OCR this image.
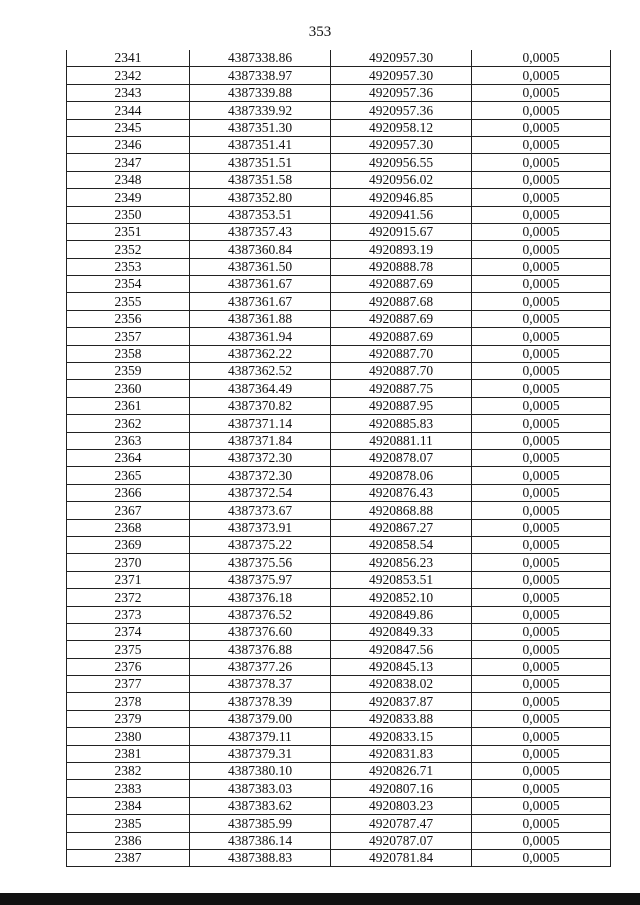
353
2341	4387338.86	4920957.30	0,0005
2342	4387338.97	4920957.30	0,0005
2343	4387339.88	4920957.36	0,0005
2344	4387339.92	4920957.36	0,0005
2345	4387351.30	4920958.12	0,0005
2346	4387351.41	4920957.30	0,0005
2347	4387351.51	4920956.55	0,0005
2348	4387351.58	4920956.02	0,0005
2349	4387352.80	4920946.85	0,0005
2350	4387353.51	4920941.56	0,0005
2351	4387357.43	4920915.67	0,0005
2352	4387360.84	4920893.19	0,0005
2353	4387361.50	4920888.78	0,0005
2354	4387361.67	4920887.69	0,0005
2355	4387361.67	4920887.68	0,0005
2356	4387361.88	4920887.69	0,0005
2357	4387361.94	4920887.69	0,0005
2358	4387362.22	4920887.70	0,0005
2359	4387362.52	4920887.70	0,0005
2360	4387364.49	4920887.75	0,0005
2361	4387370.82	4920887.95	0,0005
2362	4387371.14	4920885.83	0,0005
2363	4387371.84	4920881.11	0,0005
2364	4387372.30	4920878.07	0,0005
2365	4387372.30	4920878.06	0,0005
2366	4387372.54	4920876.43	0,0005
2367	4387373.67	4920868.88	0,0005
2368	4387373.91	4920867.27	0,0005
2369	4387375.22	4920858.54	0,0005
2370	4387375.56	4920856.23	0,0005
2371	4387375.97	4920853.51	0,0005
2372	4387376.18	4920852.10	0,0005
2373	4387376.52	4920849.86	0,0005
2374	4387376.60	4920849.33	0,0005
2375	4387376.88	4920847.56	0,0005
2376	4387377.26	4920845.13	0,0005
2377	4387378.37	4920838.02	0,0005
2378	4387378.39	4920837.87	0,0005
2379	4387379.00	4920833.88	0,0005
2380	4387379.11	4920833.15	0,0005
2381	4387379.31	4920831.83	0,0005
2382	4387380.10	4920826.71	0,0005
2383	4387383.03	4920807.16	0,0005
2384	4387383.62	4920803.23	0,0005
2385	4387385.99	4920787.47	0,0005
2386	4387386.14	4920787.07	0,0005
2387	4387388.83	4920781.84	0,0005
